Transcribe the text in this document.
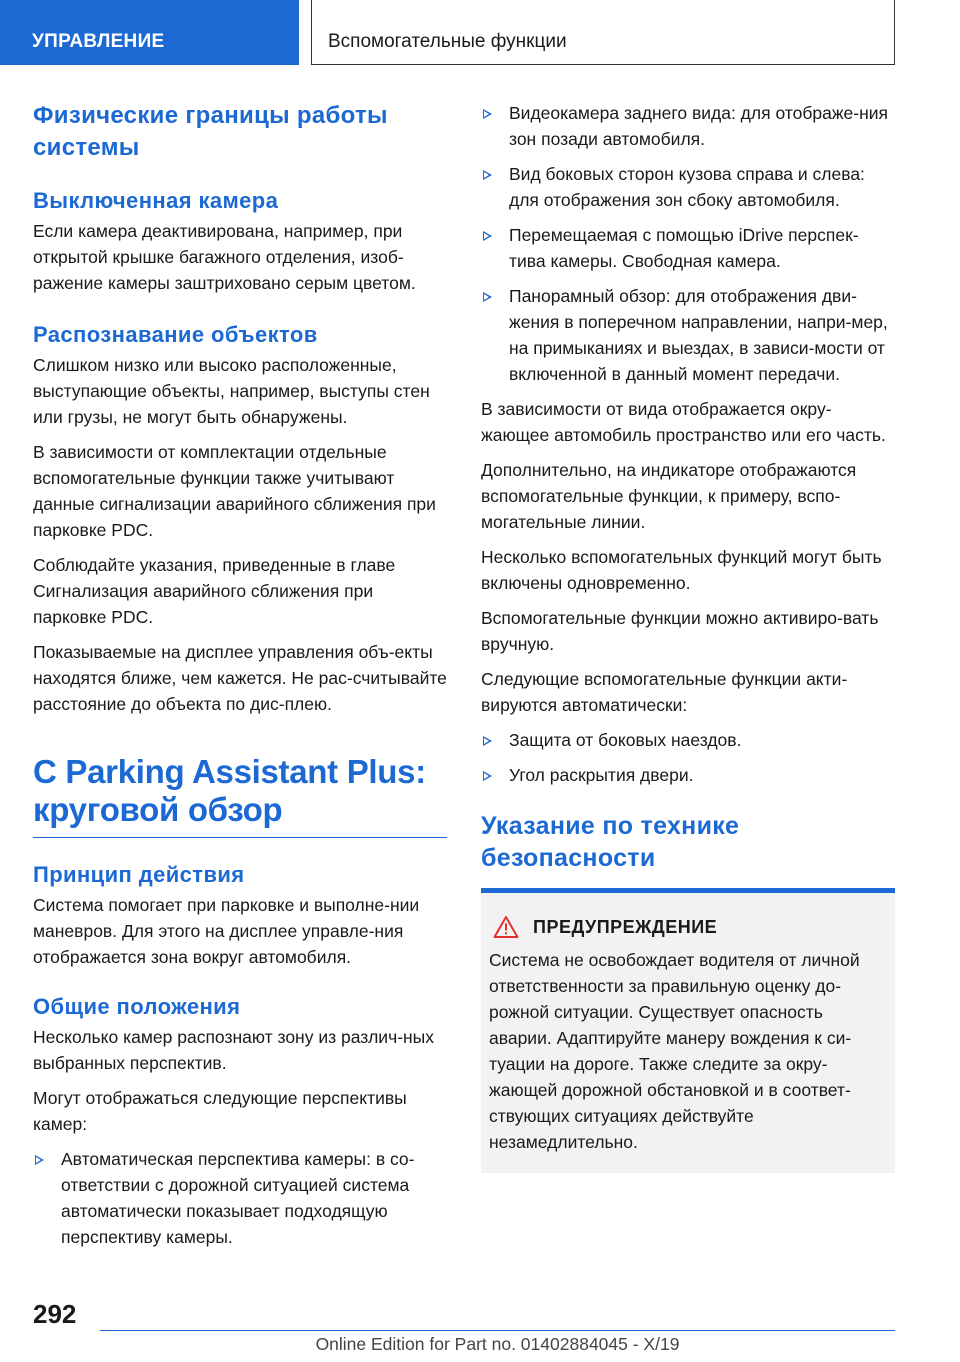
УПРАВЛЕНИЕ	Вспомогательные функции
Физические границы работы системы
Выключенная камера

Если камера деактивирована, например, при открытой крышке багажного отделения, изоб-ражение камеры заштриховано серым цветом.

Распознавание объектов

Слишком низко или высоко расположенные, выступающие объекты, например, выступы стен или грузы, не могут быть обнаружены.

В зависимости от комплектации отдельные вспомогательные функции также учитывают данные сигнализации аварийного сближения при парковке PDC.

Соблюдайте указания, приведенные в главе Сигнализация аварийного сближения при парковке PDC.

Показываемые на дисплее управления объ-екты находятся ближе, чем кажется. Не рас-считывайте расстояние до объекта по дис-плею.

С Parking Assistant Plus: круговой обзор
Принцип действия

Система помогает при парковке и выполне-нии маневров. Для этого на дисплее управле-ния отображается зона вокруг автомобиля.

Общие положения

Несколько камер распознают зону из различ-ных выбранных перспектив.

Могут отображаться следующие перспективы камер:

Автоматическая перспектива камеры: в со-ответствии с дорожной ситуацией система автоматически показывает подходящую перспективу камеры.
Видеокамера заднего вида: для отображе-ния зон позади автомобиля.
Вид боковых сторон кузова справа и слева: для отображения зон сбоку автомобиля.
Перемещаемая с помощью iDrive перспек-тива камеры. Свободная камера.
Панорамный обзор: для отображения дви-жения в поперечном направлении, напри-мер, на примыканиях и выездах, в зависи-мости от включенной в данный момент передачи.

В зависимости от вида отображается окру-жающее автомобиль пространство или его часть.

Дополнительно, на индикаторе отображаются вспомогательные функции, к примеру, вспо-могательные линии.

Несколько вспомогательных функций могут быть включены одновременно.

Вспомогательные функции можно активиро-вать вручную.

Следующие вспомогательные функции акти-вируются автоматически:

Защита от боковых наездов.
Угол раскрытия двери.
Указание по технике безопасности
ПРЕДУПРЕЖДЕНИЕ

Система не освобождает водителя от личной ответственности за правильную оценку до-рожной ситуации. Существует опасность аварии. Адаптируйте манеру вождения к си-туации на дороге. Также следите за окру-жающей дорожной обстановкой и в соответ-ствующих ситуациях действуйте незамедлительно.

292
Online Edition for Part no. 01402884045 - X/19
